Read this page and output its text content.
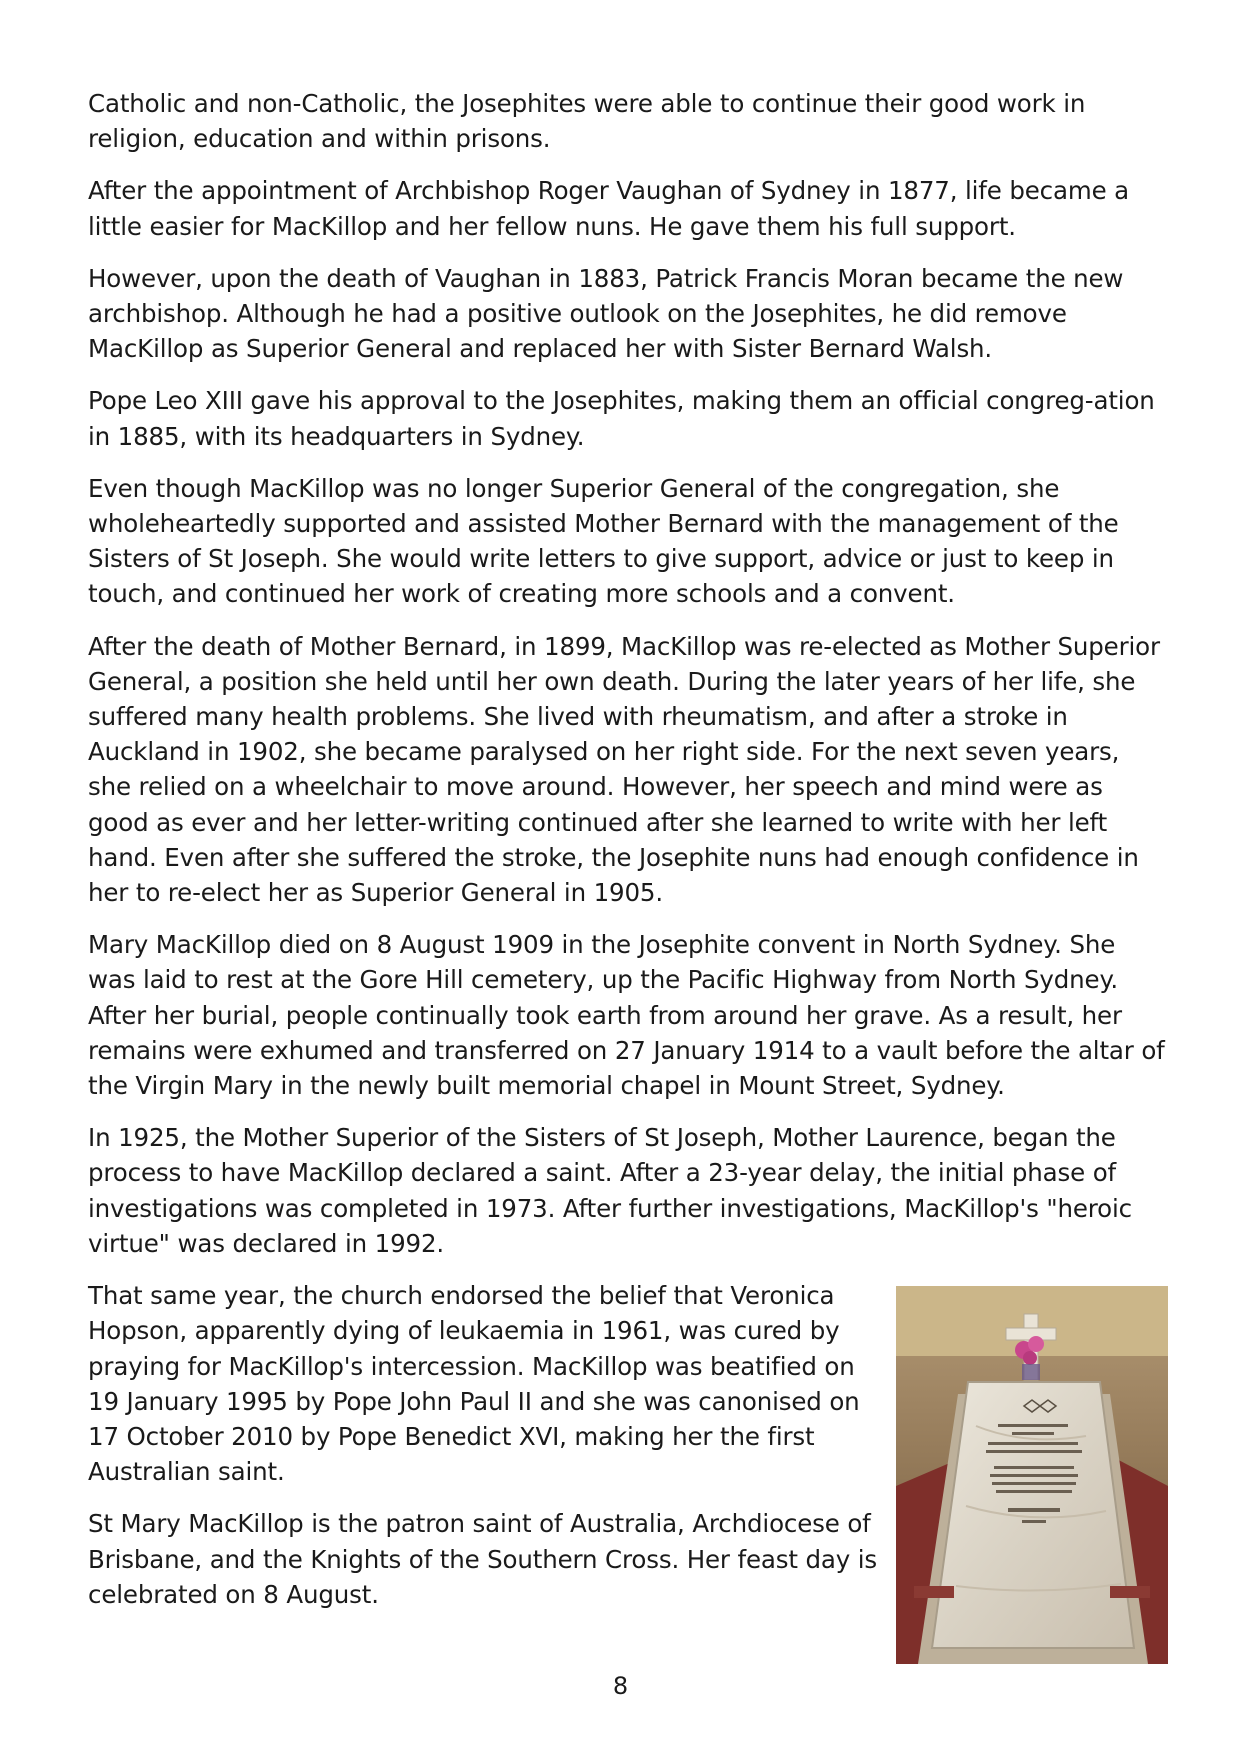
Catholic and non-Catholic, the Josephites were able to continue their good work in religion, education and within prisons.

After the appointment of Archbishop Roger Vaughan of Sydney in 1877, life became a little easier for MacKillop and her fellow nuns. He gave them his full support.

However, upon the death of Vaughan in 1883, Patrick Francis Moran became the new archbishop. Although he had a positive outlook on the Josephites, he did remove MacKillop as Superior General and replaced her with Sister Bernard Walsh.

Pope Leo XIII gave his approval to the Josephites, making them an official congreg-ation in 1885, with its headquarters in Sydney.

Even though MacKillop was no longer Superior General of the congregation, she wholeheartedly supported and assisted Mother Bernard with the management of the Sisters of St Joseph. She would write letters to give support, advice or just to keep in touch, and continued her work of creating more schools and a convent.

After the death of Mother Bernard, in 1899, MacKillop was re-elected as Mother Superior General, a position she held until her own death. During the later years of her life, she suffered many health problems. She lived with rheumatism, and after a stroke in Auckland in 1902, she became paralysed on her right side. For the next seven years, she relied on a wheelchair to move around. However, her speech and mind were as good as ever and her letter-writing continued after she learned to write with her left hand. Even after she suffered the stroke, the Josephite nuns had enough confidence in her to re-elect her as Superior General in 1905.

Mary MacKillop died on 8 August 1909 in the Josephite convent in North Sydney. She was laid to rest at the Gore Hill cemetery, up the Pacific Highway from North Sydney. After her burial, people continually took earth from around her grave. As a result, her remains were exhumed and transferred on 27 January 1914 to a vault before the altar of the Virgin Mary in the newly built memorial chapel in Mount Street, Sydney.

In 1925, the Mother Superior of the Sisters of St Joseph, Mother Laurence, began the process to have MacKillop declared a saint. After a 23-year delay, the initial phase of investigations was completed in 1973. After further investigations, MacKillop's "heroic virtue" was declared in 1992.

That same year, the church endorsed the belief that Veronica Hopson, apparently dying of leukaemia in 1961, was cured by praying for MacKillop's intercession. MacKillop was beatified on 19 January 1995 by Pope John Paul II and she was canonised on 17 October 2010 by Pope Benedict XVI, making her the first Australian saint.

St Mary MacKillop is the patron saint of Australia, Archdiocese of Brisbane, and the Knights of the Southern Cross. Her feast day is celebrated on 8 August.

8
